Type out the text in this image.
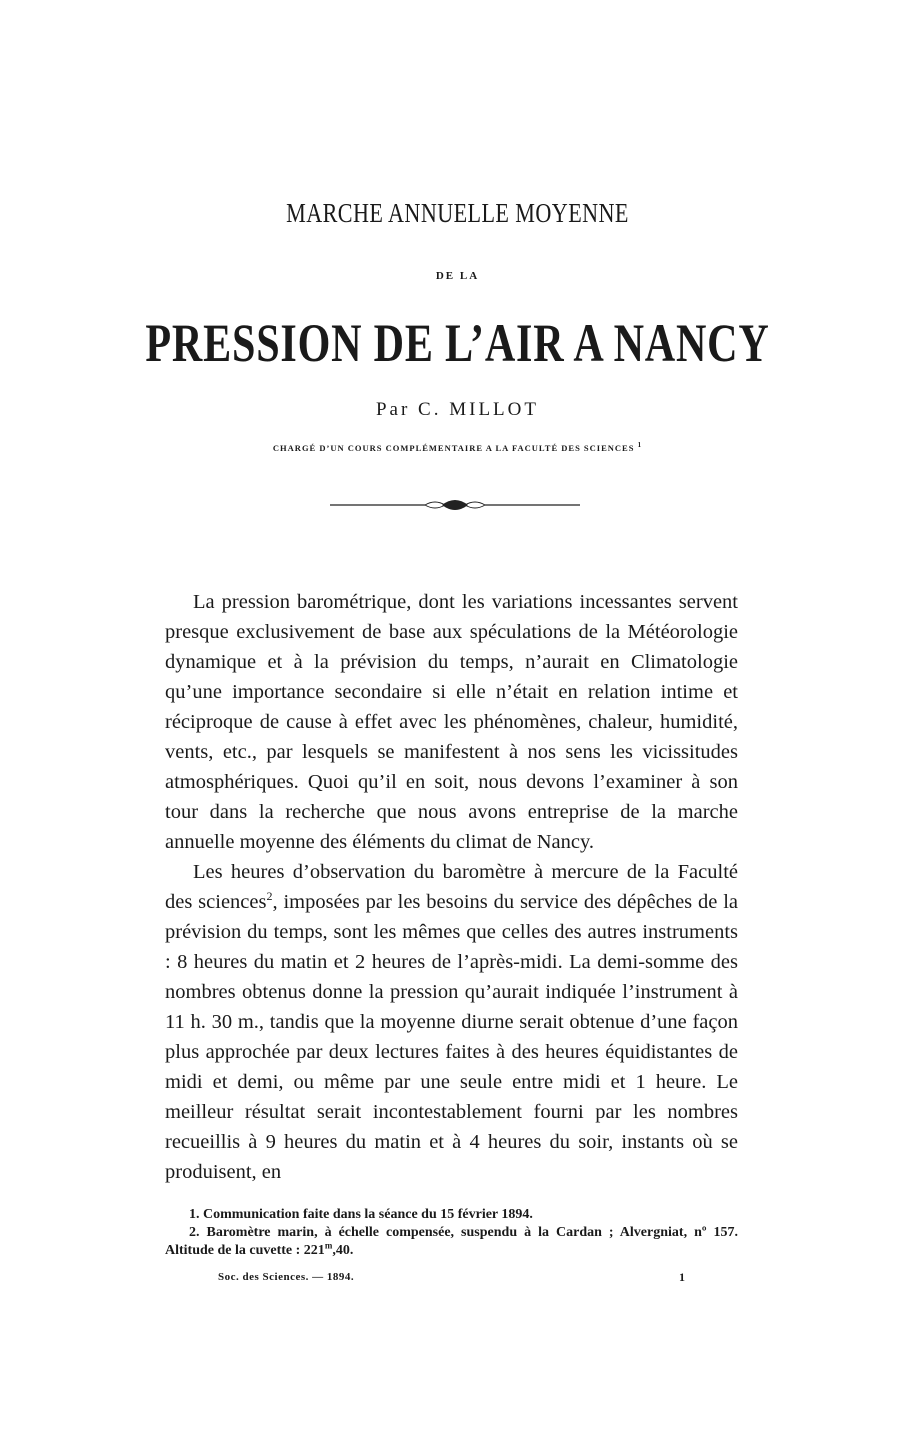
MARCHE ANNUELLE MOYENNE
DE LA
PRESSION DE L’AIR A NANCY
Par C. MILLOT
CHARGÉ D’UN COURS COMPLÉMENTAIRE A LA FACULTÉ DES SCIENCES $^1$

La pression barométrique, dont les variations incessantes servent presque exclusivement de base aux spéculations de la Météorologie dynamique et à la prévision du temps, n’aurait en Climatologie qu’une importance secondaire si elle n’était en relation intime et réciproque de cause à effet avec les phénomènes, chaleur, humidité, vents, etc., par lesquels se manifestent à nos sens les vicissitudes atmosphériques. Quoi qu’il en soit, nous devons l’examiner à son tour dans la recherche que nous avons entreprise de la marche annuelle moyenne des éléments du climat de Nancy.

Les heures d’observation du baromètre à mercure de la Faculté des sciences$^2$, imposées par les besoins du service des dépêches de la prévision du temps, sont les mêmes que celles des autres instruments : 8 heures du matin et 2 heures de l’après-midi. La demi-somme des nombres obtenus donne la pression qu’aurait indiquée l’instrument à 11 h. 30 m., tandis que la moyenne diurne serait obtenue d’une façon plus approchée par deux lectures faites à des heures équidistantes de midi et demi, ou même par une seule entre midi et 1 heure. Le meilleur résultat serait incontestablement fourni par les nombres recueillis à 9 heures du matin et à 4 heures du soir, instants où se produisent, en

1. Communication faite dans la séance du 15 février 1894.

2. Baromètre marin, à échelle compensée, suspendu à la Cardan ; Alvergniat, nº 157. Altitude de la cuvette : 221$^m$,40.

Soc. des Sciences. — 1894.	1
